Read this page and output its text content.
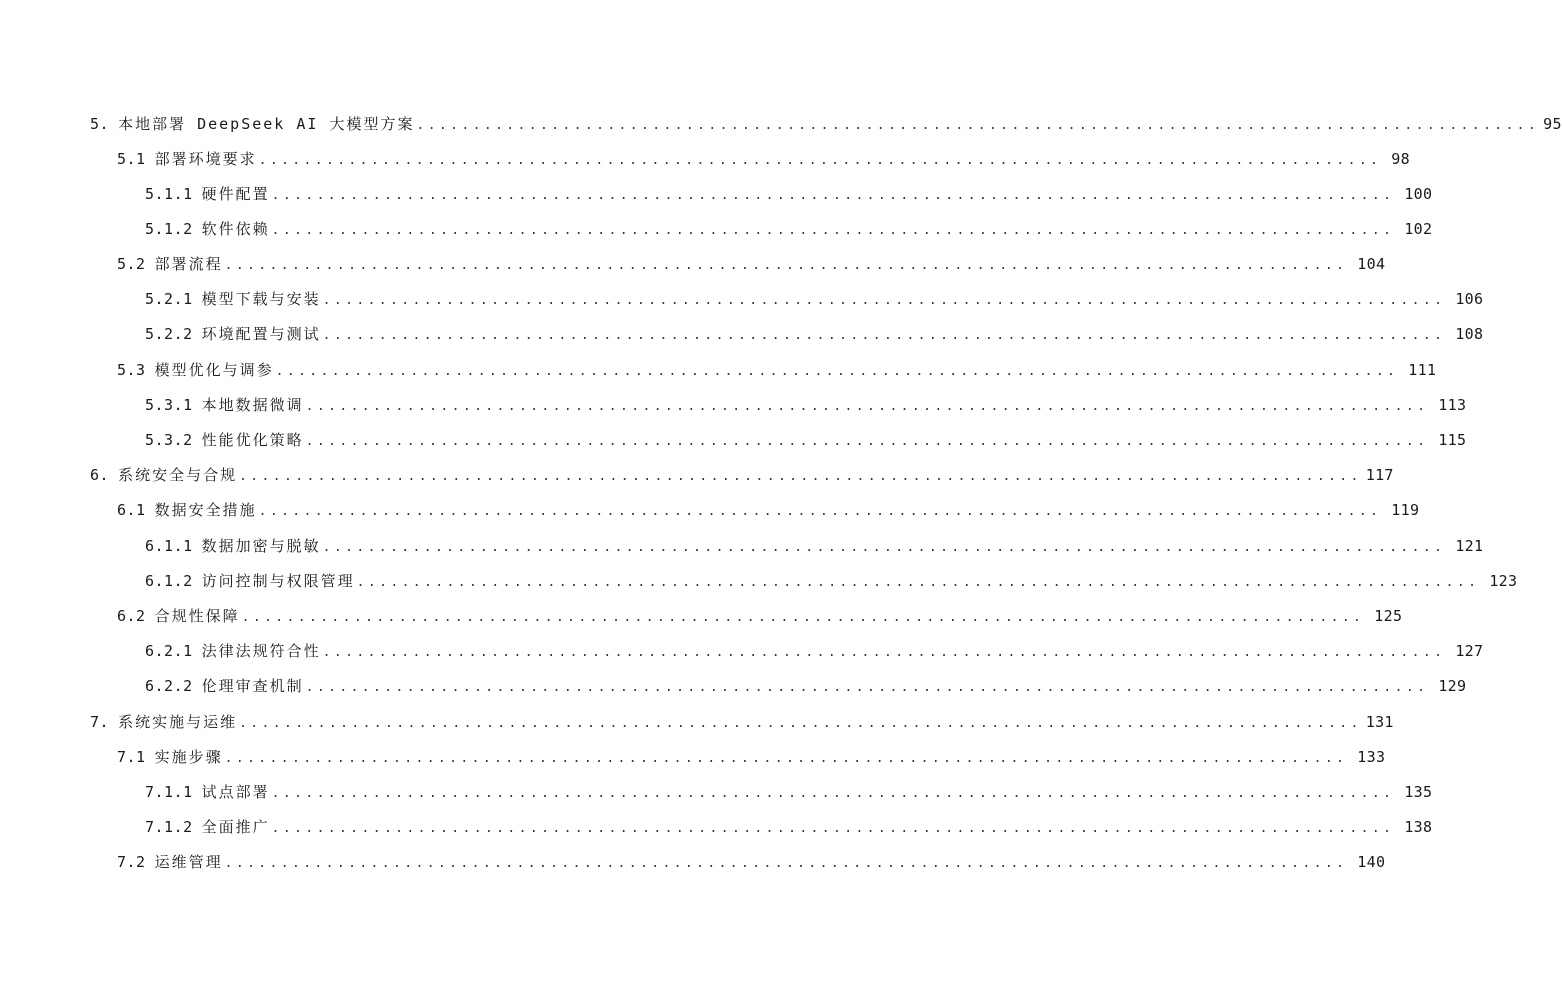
5. 本地部署 DeepSeek AI 大模型方案 .................................................................................................... 95
5.1 部署环境要求 .................................................................................................... 98
5.1.1 硬件配置 .................................................................................................... 100
5.1.2 软件依赖 .................................................................................................... 102
5.2 部署流程 .................................................................................................... 104
5.2.1 模型下载与安装 .................................................................................................... 106
5.2.2 环境配置与测试 .................................................................................................... 108
5.3 模型优化与调参 .................................................................................................... 111
5.3.1 本地数据微调 .................................................................................................... 113
5.3.2 性能优化策略 .................................................................................................... 115
6. 系统安全与合规 .................................................................................................... 117
6.1 数据安全措施 .................................................................................................... 119
6.1.1 数据加密与脱敏 .................................................................................................... 121
6.1.2 访问控制与权限管理 .................................................................................................... 123
6.2 合规性保障 .................................................................................................... 125
6.2.1 法律法规符合性 .................................................................................................... 127
6.2.2 伦理审查机制 .................................................................................................... 129
7. 系统实施与运维 .................................................................................................... 131
7.1 实施步骤 .................................................................................................... 133
7.1.1 试点部署 .................................................................................................... 135
7.1.2 全面推广 .................................................................................................... 138
7.2 运维管理 .................................................................................................... 140
